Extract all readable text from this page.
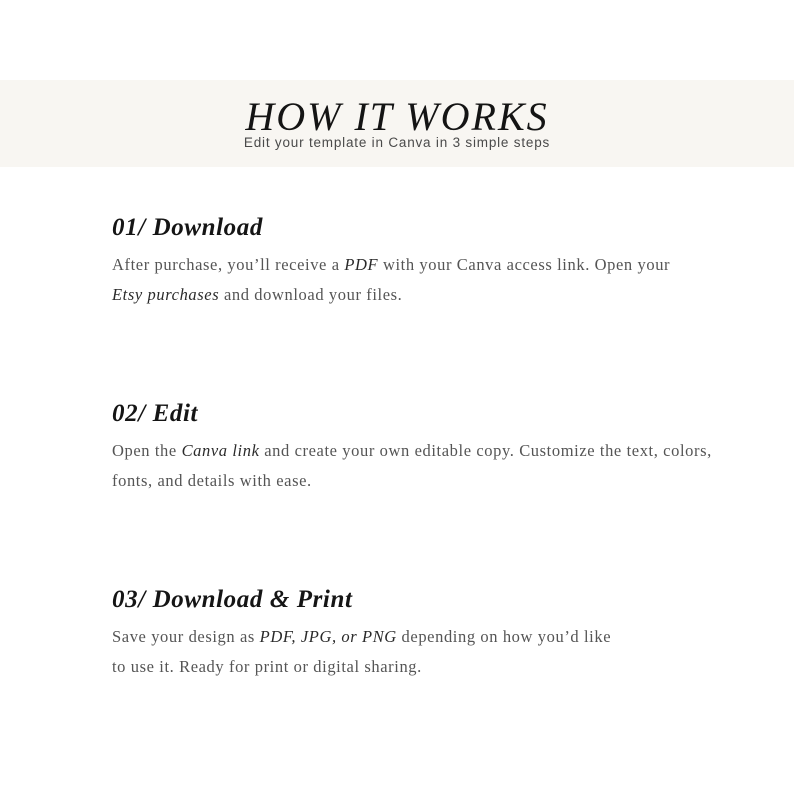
HOW IT WORKS
Edit your template in Canva in 3 simple steps
01/ Download
After purchase, you’ll receive a PDF with your Canva access link. Open your
Etsy purchases and download your files.
02/ Edit
Open the Canva link and create your own editable copy. Customize the text, colors, fonts, and details with ease.
03/ Download & Print
Save your design as PDF, JPG, or PNG depending on how you’d like
to use it. Ready for print or digital sharing.
